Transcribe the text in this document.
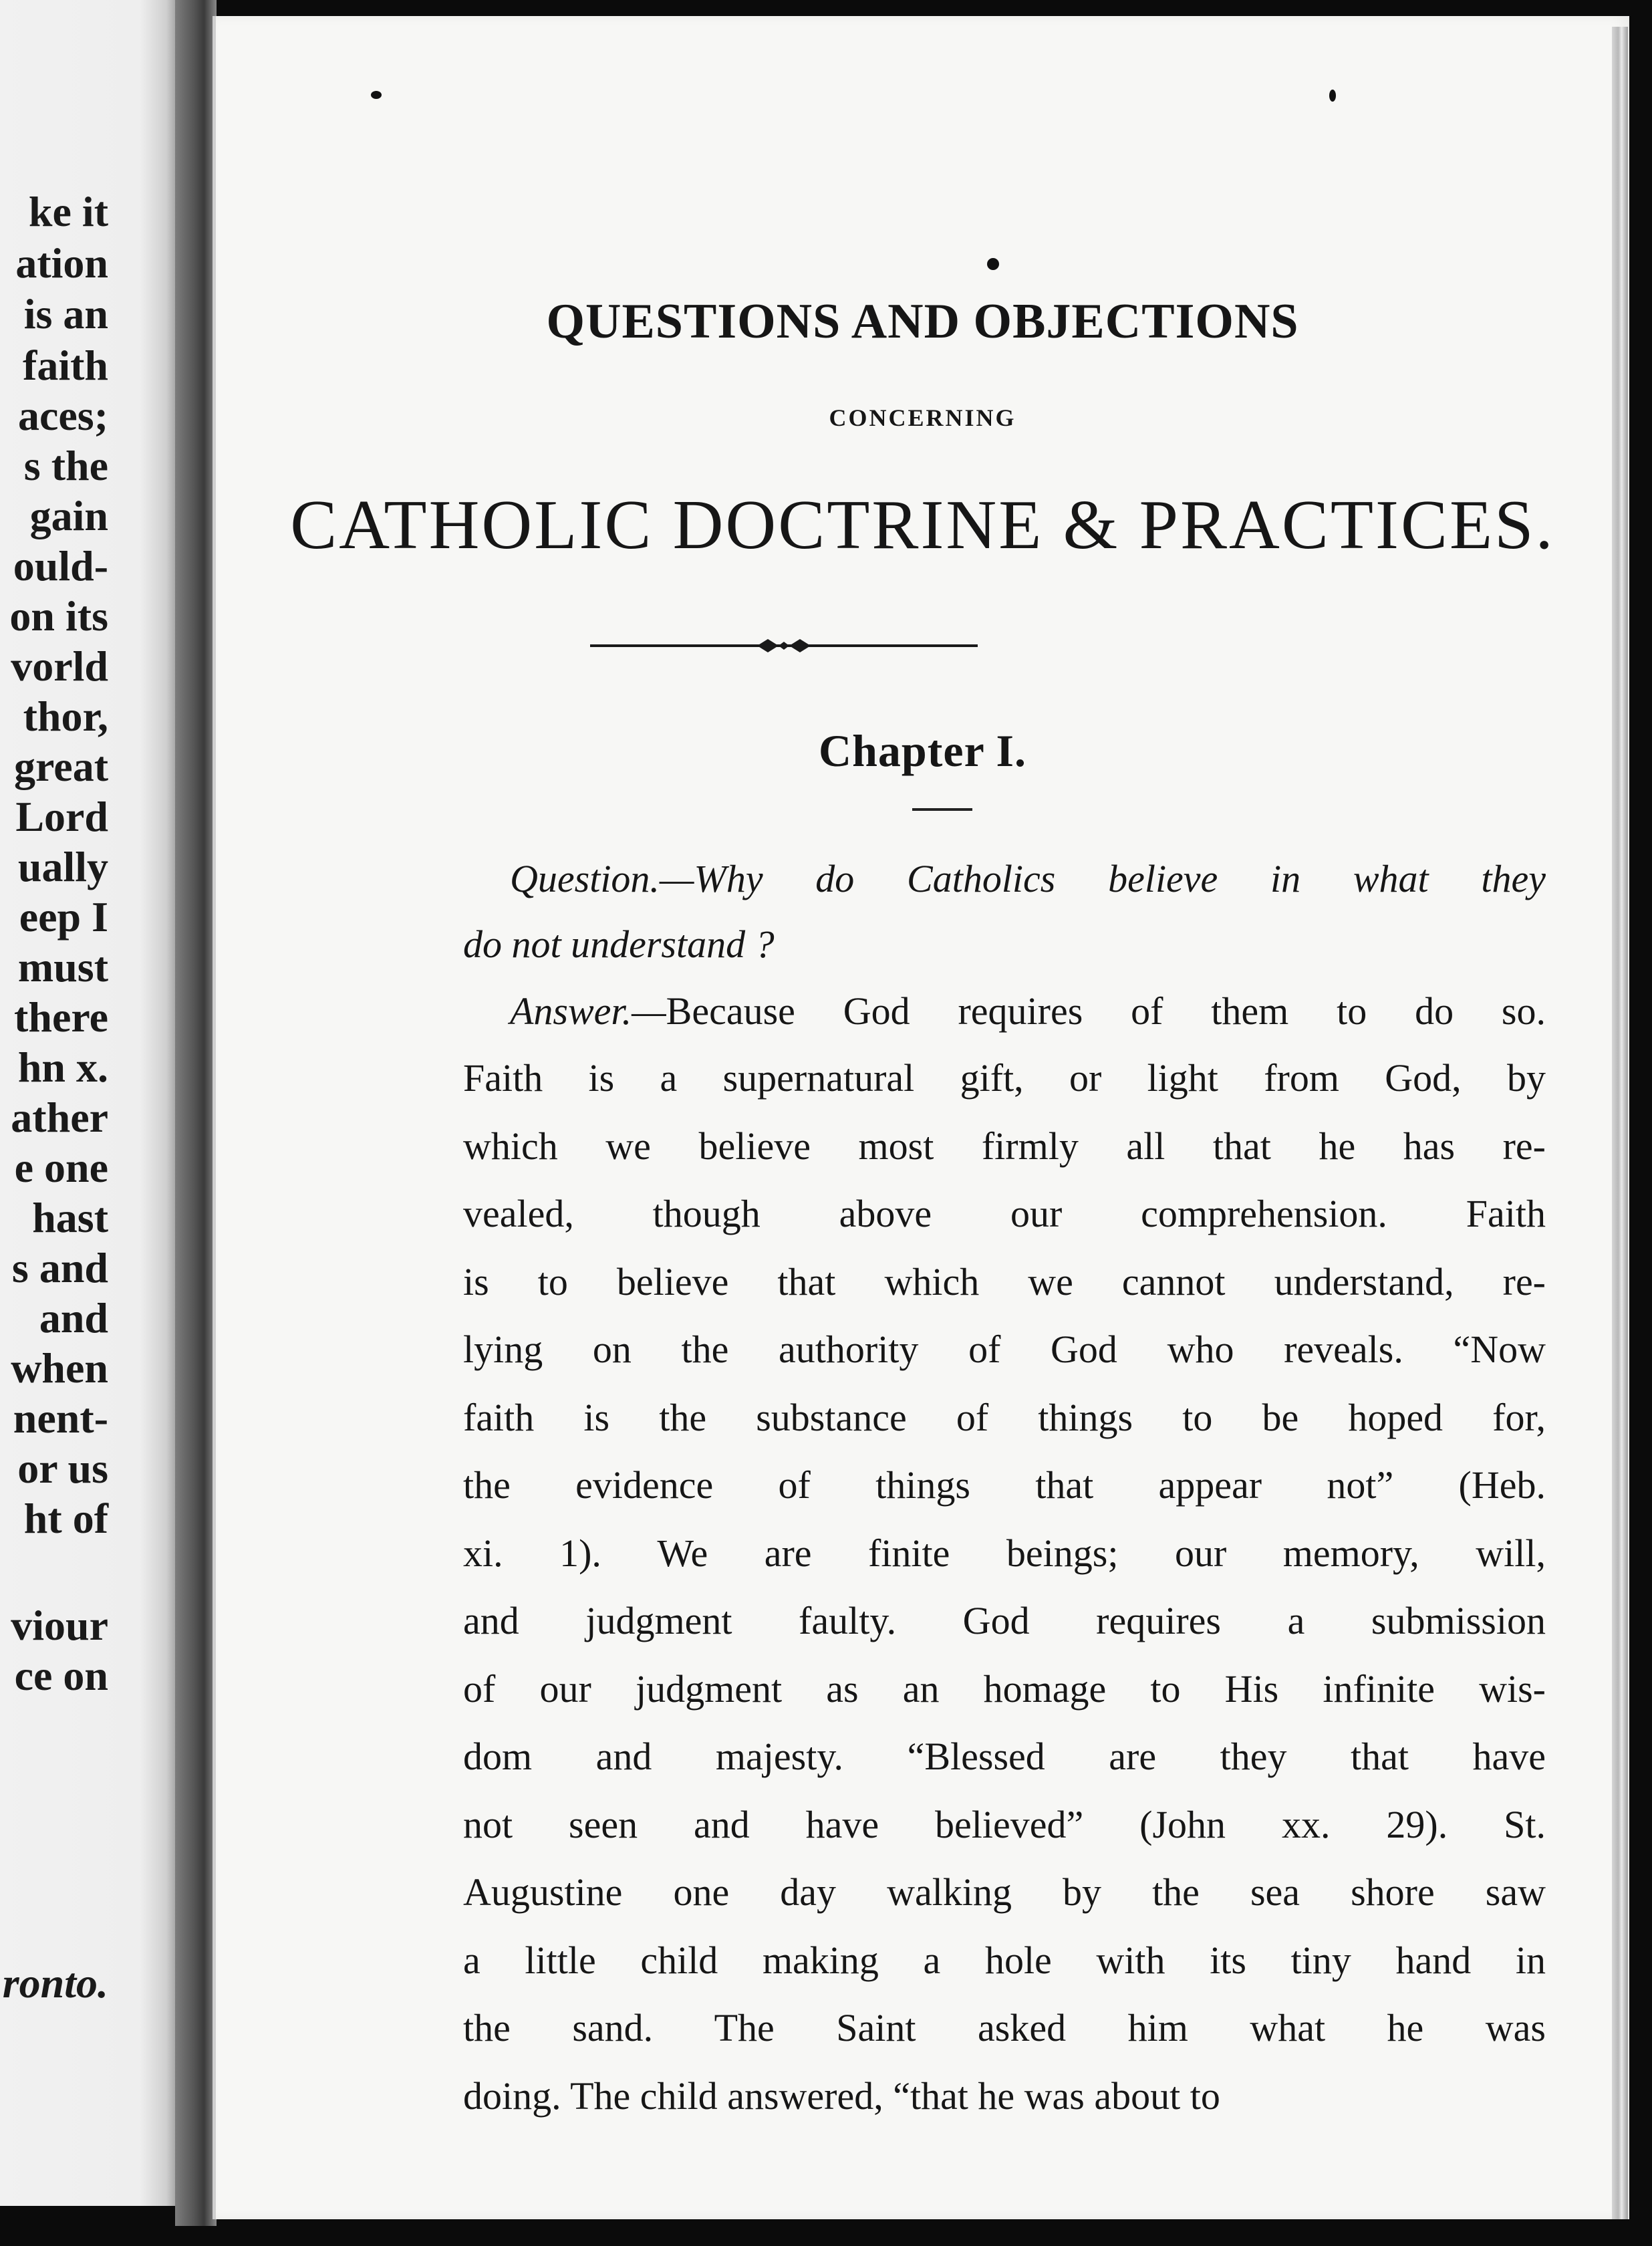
ke it
ation
is an
faith
aces;
s the
gain
ould-
on its
vorld
thor,
great
Lord
ually
eep I
must
there
hn x.
ather
e one
hast
s and
and
when
nent-
or us
ht of
viour
ce on
ronto.
QUESTIONS AND OBJECTIONS
CONCERNING
CATHOLIC DOCTRINE & PRACTICES.
Chapter I.
Question.—Why do Catholics believe in what they
do not understand ?
Answer.—Because God requires of them to do so.
Faith is a supernatural gift, or light from God, by
which we believe most firmly all that he has re-
vealed, though above our comprehension. Faith
is to believe that which we cannot understand, re-
lying on the authority of God who reveals. “Now
faith is the substance of things to be hoped for,
the evidence of things that appear not” (Heb.
xi. 1). We are finite beings; our memory, will,
and judgment faulty. God requires a submission
of our judgment as an homage to His infinite wis-
dom and majesty. “Blessed are they that have
not seen and have believed” (John xx. 29). St.
Augustine one day walking by the sea shore saw
a little child making a hole with its tiny hand in
the sand. The Saint asked him what he was
doing. The child answered, “that he was about to
